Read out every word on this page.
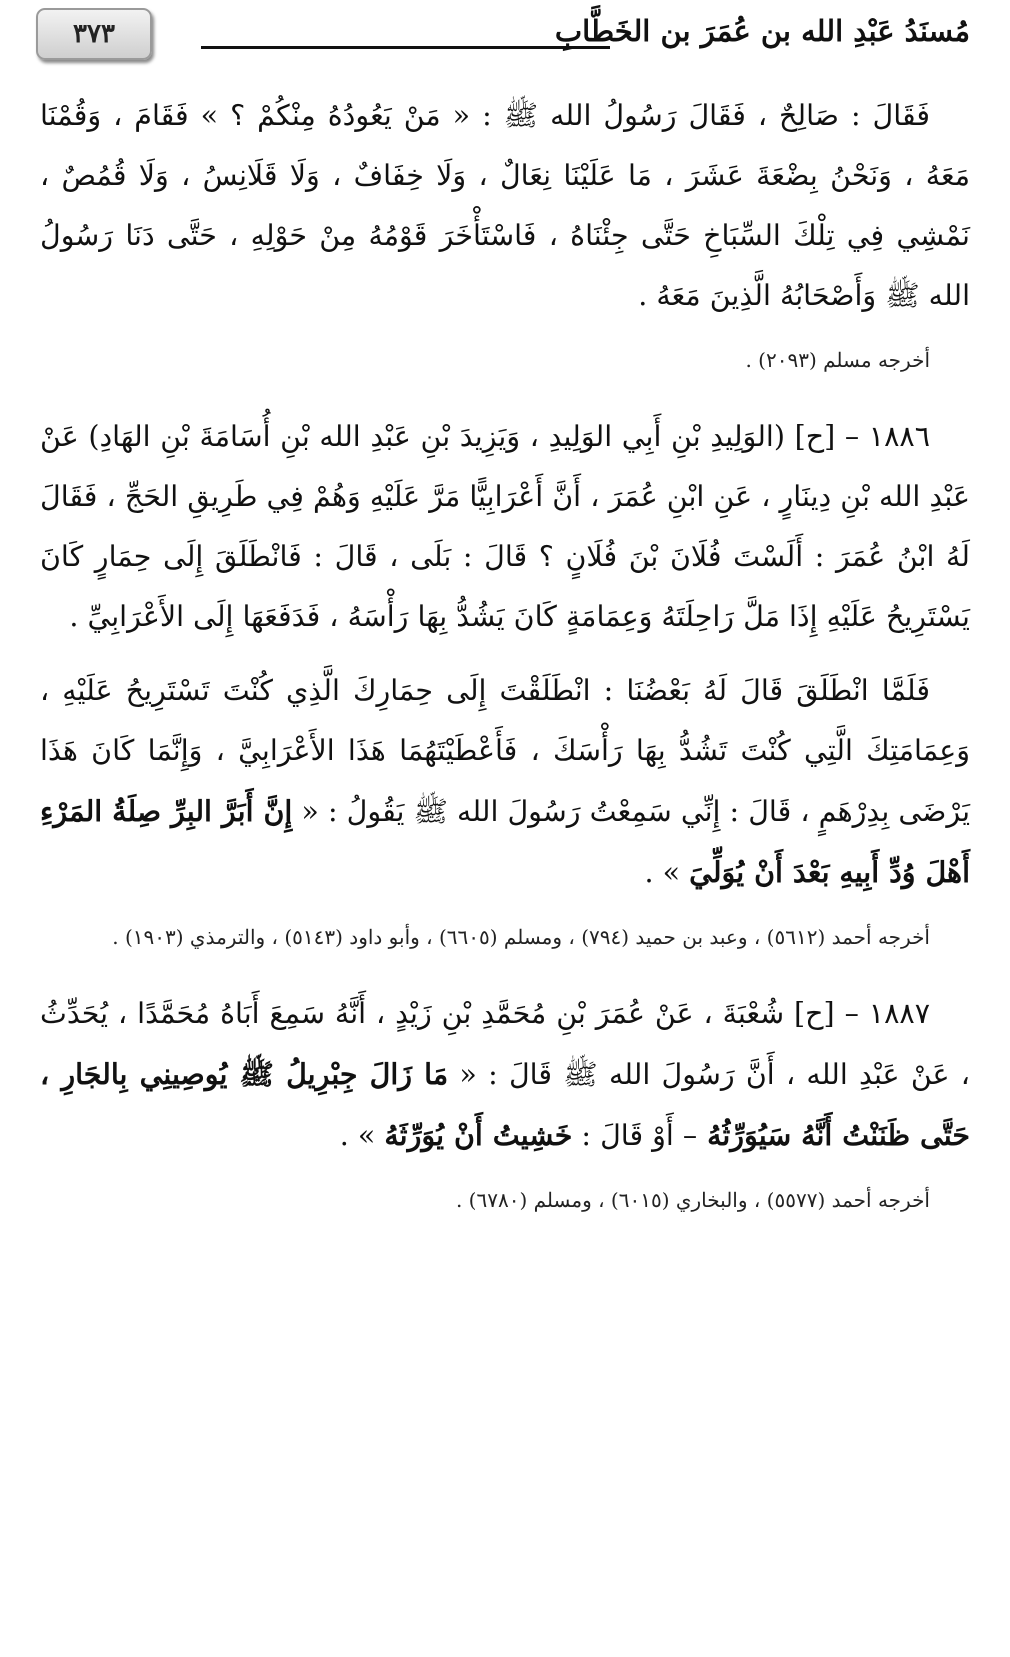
مُسنَدُ عَبْدِ الله بن عُمَرَ بن الخَطَّابِ
٣٧٣

فَقَالَ : صَالِحٌ ، فَقَالَ رَسُولُ الله ﷺ : « مَنْ يَعُودُهُ مِنْكُمْ ؟ » فَقَامَ ، وَقُمْنَا مَعَهُ ، وَنَحْنُ بِضْعَةَ عَشَرَ ، مَا عَلَيْنَا نِعَالٌ ، وَلَا خِفَافٌ ، وَلَا قَلَانِسُ ، وَلَا قُمُصٌ ، نَمْشِي فِي تِلْكَ السِّبَاخِ حَتَّى جِئْنَاهُ ، فَاسْتَأْخَرَ قَوْمُهُ مِنْ حَوْلِهِ ، حَتَّى دَنَا رَسُولُ الله ﷺ وَأَصْحَابُهُ الَّذِينَ مَعَهُ .

أخرجه مسلم (٢٠٩٣) .

١٨٨٦ – [ح] (الوَلِيدِ بْنِ أَبِي الوَلِيدِ ، وَيَزِيدَ بْنِ عَبْدِ الله بْنِ أُسَامَةَ بْنِ الهَادِ) عَنْ عَبْدِ الله بْنِ دِينَارٍ ، عَنِ ابْنِ عُمَرَ ، أَنَّ أَعْرَابِيًّا مَرَّ عَلَيْهِ وَهُمْ فِي طَرِيقِ الحَجِّ ، فَقَالَ لَهُ ابْنُ عُمَرَ : أَلَسْتَ فُلَانَ بْنَ فُلَانٍ ؟ قَالَ : بَلَى ، قَالَ : فَانْطَلَقَ إِلَى حِمَارٍ كَانَ يَسْتَرِيحُ عَلَيْهِ إِذَا مَلَّ رَاحِلَتَهُ وَعِمَامَةٍ كَانَ يَشُدُّ بِهَا رَأْسَهُ ، فَدَفَعَهَا إِلَى الأَعْرَابِيِّ .

فَلَمَّا انْطَلَقَ قَالَ لَهُ بَعْضُنَا : انْطَلَقْتَ إِلَى حِمَارِكَ الَّذِي كُنْتَ تَسْتَرِيحُ عَلَيْهِ ، وَعِمَامَتِكَ الَّتِي كُنْتَ تَشُدُّ بِهَا رَأْسَكَ ، فَأَعْطَيْتَهُمَا هَذَا الأَعْرَابِيَّ ، وَإِنَّمَا كَانَ هَذَا يَرْضَى بِدِرْهَمٍ ، قَالَ : إِنِّي سَمِعْتُ رَسُولَ الله ﷺ يَقُولُ : « إِنَّ أَبَرَّ البِرِّ صِلَةُ المَرْءِ أَهْلَ وُدِّ أَبِيهِ بَعْدَ أَنْ يُوَلِّيَ » .

أخرجه أحمد (٥٦١٢) ، وعبد بن حميد (٧٩٤) ، ومسلم (٦٦٠٥) ، وأبو داود (٥١٤٣) ، والترمذي (١٩٠٣) .

١٨٨٧ – [ح] شُعْبَةَ ، عَنْ عُمَرَ بْنِ مُحَمَّدِ بْنِ زَيْدٍ ، أَنَّهُ سَمِعَ أَبَاهُ مُحَمَّدًا ، يُحَدِّثُ ، عَنْ عَبْدِ الله ، أَنَّ رَسُولَ الله ﷺ قَالَ : « مَا زَالَ جِبْرِيلُ ﷺ يُوصِينِي بِالجَارِ ، حَتَّى ظَنَنْتُ أَنَّهُ سَيُوَرِّثُهُ – أَوْ قَالَ : خَشِيتُ أَنْ يُوَرِّثَهُ » .

أخرجه أحمد (٥٥٧٧) ، والبخاري (٦٠١٥) ، ومسلم (٦٧٨٠) .
